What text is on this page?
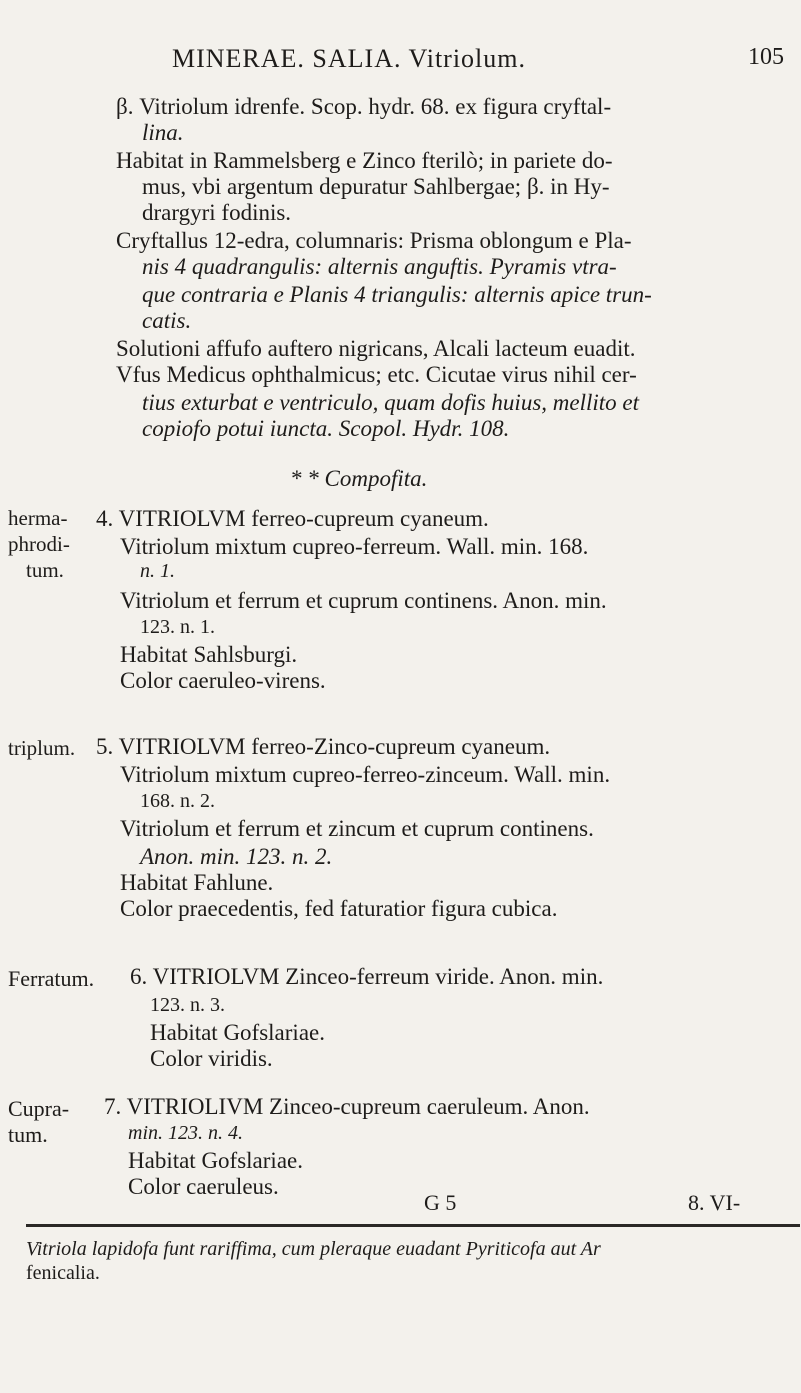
MINERAE. SALIA. Vitriolum.	105
β. Vitriolum idrenfe. Scop. hydr. 68. ex figura cryftal-
lina.
Habitat in Rammelsberg e Zinco fterilò; in pariete do-
mus, vbi argentum depuratur Sahlbergae; β. in Hy-
drargyri fodinis.
Cryftallus 12-edra, columnaris: Prisma oblongum e Pla-
nis 4 quadrangulis: alternis anguftis. Pyramis vtra-
que contraria e Planis 4 triangulis: alternis apice trun-
catis.
Solutioni affufo auftero nigricans, Alcali lacteum euadit.
Vfus Medicus ophthalmicus; etc. Cicutae virus nihil cer-
tius exturbat e ventriculo, quam dofis huius, mellito et
copiofo potui iuncta. Scopol. Hydr. 108.
* * Compofita.
herma-
phrodi-
tum.
4. VITRIOLVM ferreo-cupreum cyaneum.
Vitriolum mixtum cupreo-ferreum. Wall. min. 168.
n. 1.
Vitriolum et ferrum et cuprum continens. Anon. min.
123. n. 1.
Habitat Sahlsburgi.
Color caeruleo-virens.
triplum. 5. VITRIOLVM ferreo-Zinco-cupreum cyaneum.
Vitriolum mixtum cupreo-ferreo-zinceum. Wall. min.
168. n. 2.
Vitriolum et ferrum et zincum et cuprum continens.
Anon. min. 123. n. 2.
Habitat Fahlune.
Color praecedentis, fed faturatior figura cubica.
Ferratum. 6. VITRIOLVM Zinceo-ferreum viride. Anon. min.
123. n. 3.
Habitat Gofslariae.
Color viridis.
Cupra-
tum.
7. VITRIOLIVM Zinceo-cupreum caeruleum. Anon.
min. 123. n. 4.
Habitat Gofslariae.
Color caeruleus.
G 5	8. VI-
Vitriola lapidofa funt rariffima, cum pleraque euadant Pyriticofa aut Ar
fenicalia.
